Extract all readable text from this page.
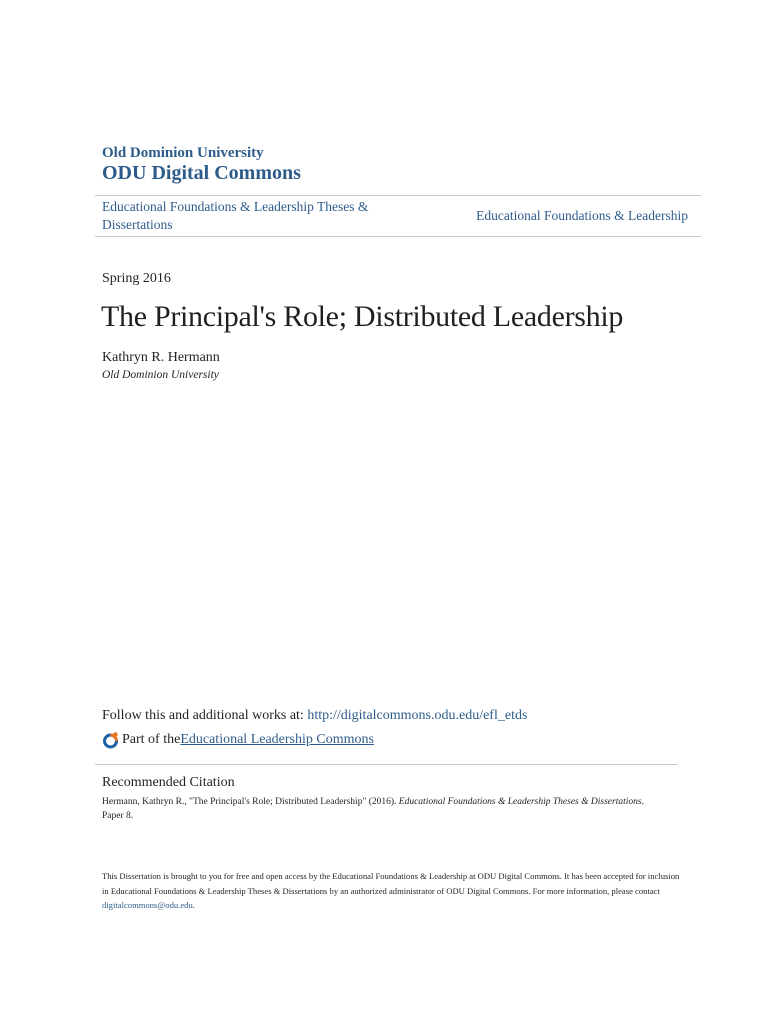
Old Dominion University
ODU Digital Commons
Educational Foundations & Leadership Theses &
Dissertations
Educational Foundations & Leadership
Spring 2016
The Principal's Role; Distributed Leadership
Kathryn R. Hermann
Old Dominion University
Follow this and additional works at: http://digitalcommons.odu.edu/efl_etds
Part of the Educational Leadership Commons
Recommended Citation
Hermann, Kathryn R., "The Principal's Role; Distributed Leadership" (2016). Educational Foundations & Leadership Theses & Dissertations. Paper 8.
This Dissertation is brought to you for free and open access by the Educational Foundations & Leadership at ODU Digital Commons. It has been accepted for inclusion in Educational Foundations & Leadership Theses & Dissertations by an authorized administrator of ODU Digital Commons. For more information, please contact digitalcommons@odu.edu.
